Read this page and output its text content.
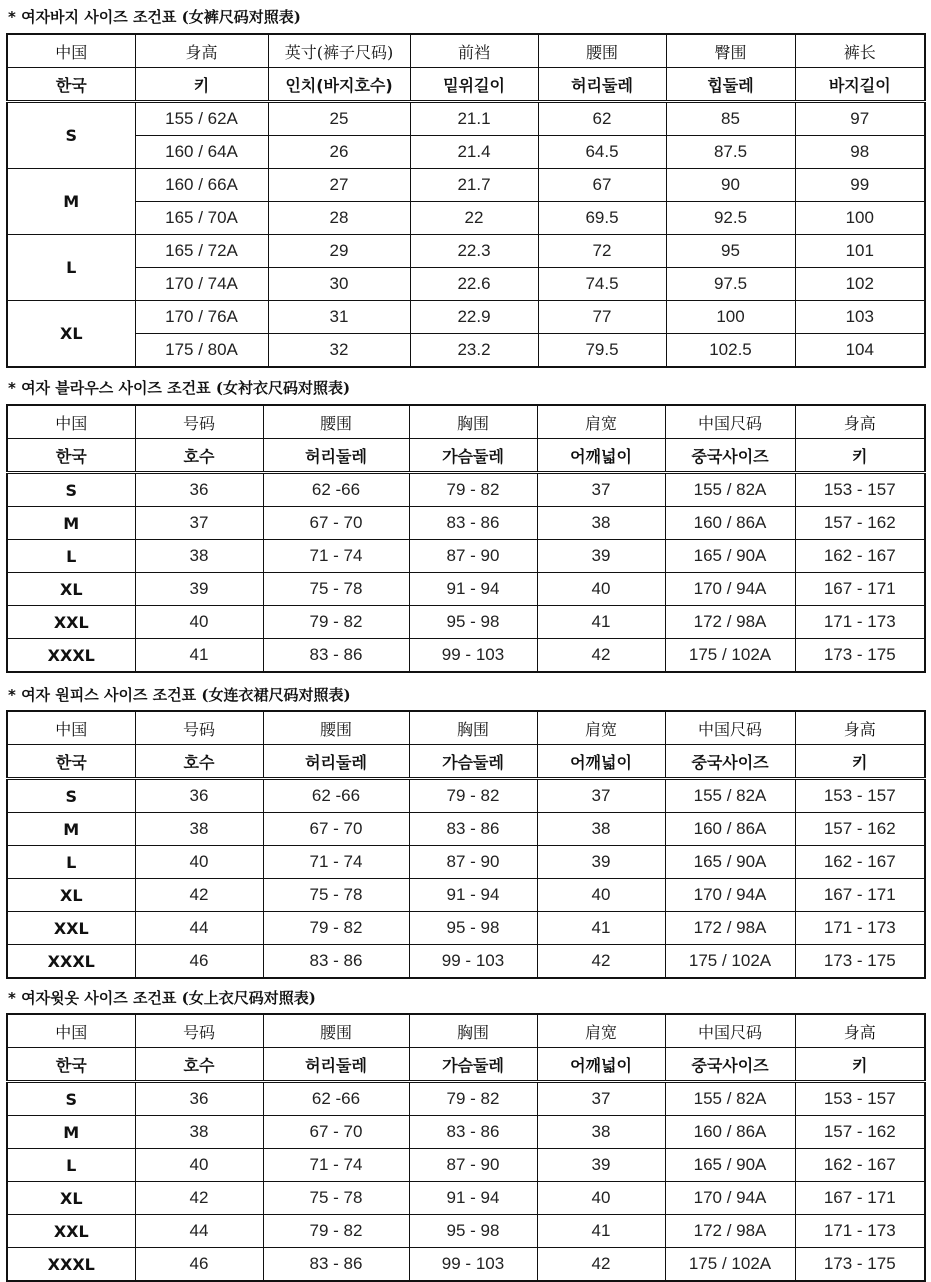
* 여자바지 사이즈 조건표 (女裤尺码对照表)
中国	身高	英寸(裤子尺码)	前裆	腰围	臀围	裤长
한국	키	인치(바지호수)	밑위길이	허리둘레	힙둘레	바지길이
S	155 / 62A	25	21.1	62	85	97
	160 / 64A	26	21.4	64.5	87.5	98
M	160 / 66A	27	21.7	67	90	99
	165 / 70A	28	22	69.5	92.5	100
L	165 / 72A	29	22.3	72	95	101
	170 / 74A	30	22.6	74.5	97.5	102
XL	170 / 76A	31	22.9	77	100	103
	175 / 80A	32	23.2	79.5	102.5	104
* 여자 블라우스 사이즈 조건표 (女衬衣尺码对照表)
中国	号码	腰围	胸围	肩宽	中国尺码	身高
한국	호수	허리둘레	가슴둘레	어깨넓이	중국사이즈	키
S	36	62 -66	79 - 82	37	155 / 82A	153 - 157
M	37	67 - 70	83 - 86	38	160 / 86A	157 - 162
L	38	71 - 74	87 - 90	39	165 / 90A	162 - 167
XL	39	75 - 78	91 - 94	40	170 / 94A	167 - 171
XXL	40	79 - 82	95 - 98	41	172 / 98A	171 - 173
XXXL	41	83 - 86	99 - 103	42	175 / 102A	173 - 175
* 여자 원피스 사이즈 조건표 (女连衣裙尺码对照表)
中国	号码	腰围	胸围	肩宽	中国尺码	身高
한국	호수	허리둘레	가슴둘레	어깨넓이	중국사이즈	키
S	36	62 -66	79 - 82	37	155 / 82A	153 - 157
M	38	67 - 70	83 - 86	38	160 / 86A	157 - 162
L	40	71 - 74	87 - 90	39	165 / 90A	162 - 167
XL	42	75 - 78	91 - 94	40	170 / 94A	167 - 171
XXL	44	79 - 82	95 - 98	41	172 / 98A	171 - 173
XXXL	46	83 - 86	99 - 103	42	175 / 102A	173 - 175
* 여자윗옷 사이즈 조건표 (女上衣尺码对照表)
中国	号码	腰围	胸围	肩宽	中国尺码	身高
한국	호수	허리둘레	가슴둘레	어깨넓이	중국사이즈	키
S	36	62 -66	79 - 82	37	155 / 82A	153 - 157
M	38	67 - 70	83 - 86	38	160 / 86A	157 - 162
L	40	71 - 74	87 - 90	39	165 / 90A	162 - 167
XL	42	75 - 78	91 - 94	40	170 / 94A	167 - 171
XXL	44	79 - 82	95 - 98	41	172 / 98A	171 - 173
XXXL	46	83 - 86	99 - 103	42	175 / 102A	173 - 175
